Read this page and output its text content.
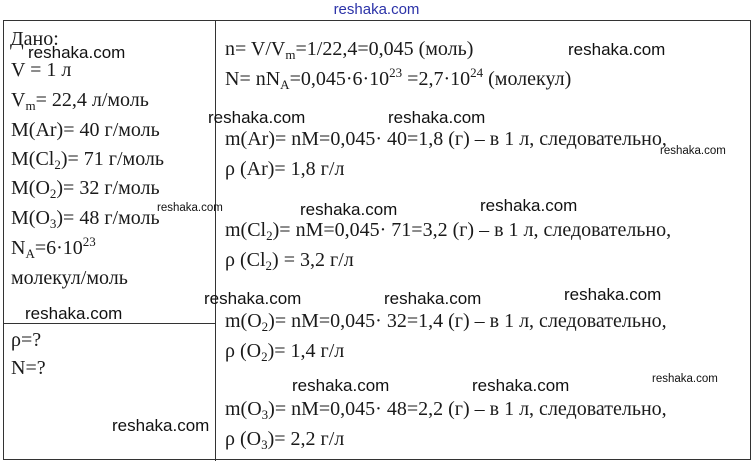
reshaka.com
Дано:
V = 1 л
$V_m= 22,4$ л/моль
M(Ar)= 40 г/моль
$M(Cl_2)= 71$ г/моль
$M(O_2)= 32$ г/моль
$M(O_3)= 48$ г/моль
$N_A=6\cdot 10^{23}$
молекул/моль
ρ=?
N=?
$n= V/V_m=1/22,4=0,045$ (моль)
$N= nN_A=0,045\cdot 6\cdot 10^{23} =2,7\cdot 10^{24}$ (молекул)
m(Ar)= nM=0,045· 40=1,8 (г) – в 1 л, следовательно,
ρ (Ar)= 1,8 г/л
$m(Cl_2)= nM=0,045\cdot 71=3,2$ (г) – в 1 л, следовательно,
ρ $(Cl_2) = 3,2$ г/л
$m(O_2)= nM=0,045\cdot 32=1,4$ (г) – в 1 л, следовательно,
ρ $(O_2)= 1,4$ г/л
$m(O_3)= nM=0,045\cdot 48=2,2$ (г) – в 1 л, следовательно,
ρ $(O_3)= 2,2$ г/л
reshaka.com	reshaka.com
reshaka.com	reshaka.com
reshaka.com
reshaka.com	reshaka.com	reshaka.com
reshaka.com	reshaka.com	reshaka.com
reshaka.com
reshaka.com
reshaka.com	reshaka.com
reshaka.com
